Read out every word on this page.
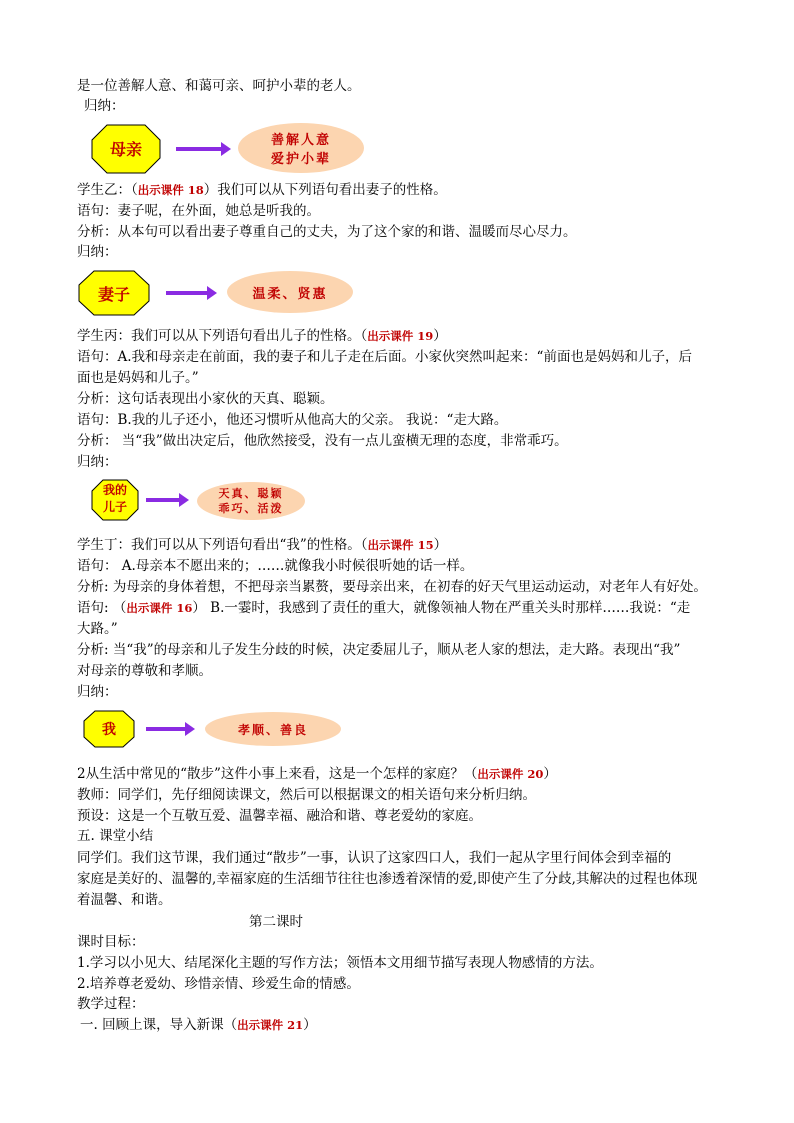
是一位善解人意、和蔼可亲、呵护小辈的老人。
归纳：
母亲	善解人意
爱护小辈
学生乙：（出示课件 18）我们可以从下列语句看出妻子的性格。
语句：妻子呢，在外面，她总是听我的。
分析：从本句可以看出妻子尊重自己的丈夫，为了这个家的和谐、温暖而尽心尽力。
归纳：
妻子	温柔、贤惠
学生丙：我们可以从下列语句看出儿子的性格。（出示课件 19）
语句：A.我和母亲走在前面，我的妻子和儿子走在后面。小家伙突然叫起来：“前面也是妈妈和儿子，后
面也是妈妈和儿子。”
分析：这句话表现出小家伙的天真、聪颖。
语句：B.我的儿子还小，他还习惯听从他高大的父亲。 我说：“走大路。
分析： 当“我”做出决定后，他欣然接受，没有一点儿蛮横无理的态度，非常乖巧。
归纳：
我的
儿子
天真、聪颖
乖巧、活泼
学生丁：我们可以从下列语句看出“我”的性格。（出示课件 15）
语句： A.母亲本不愿出来的；……就像我小时候很听她的话一样。
分析: 为母亲的身体着想，不把母亲当累赘，要母亲出来，在初春的好天气里运动运动，对老年人有好处。
语句: （出示课件 16） B.一霎时，我感到了责任的重大，就像领袖人物在严重关头时那样……我说：“走
大路。”
分析: 当“我”的母亲和儿子发生分歧的时候，决定委屈儿子，顺从老人家的想法，走大路。表现出“我”
对母亲的尊敬和孝顺。
归纳：
我	孝顺、善良
2从生活中常见的“散步”这件小事上来看，这是一个怎样的家庭？（出示课件 20）
教师：同学们，先仔细阅读课文，然后可以根据课文的相关语句来分析归纳。
预设：这是一个互敬互爱、温馨幸福、融洽和谐、尊老爱幼的家庭。
五. 课堂小结
同学们。我们这节课，我们通过“散步”一事，认识了这家四口人，我们一起从字里行间体会到幸福的
家庭是美好的、温馨的,幸福家庭的生活细节往往也渗透着深情的爱,即使产生了分歧,其解决的过程也体现
着温馨、和谐。
第二课时
课时目标：
1.学习以小见大、结尾深化主题的写作方法；领悟本文用细节描写表现人物感情的方法。
2.培养尊老爱幼、珍惜亲情、珍爱生命的情感。
教学过程：
一. 回顾上课，导入新课（出示课件 21）
